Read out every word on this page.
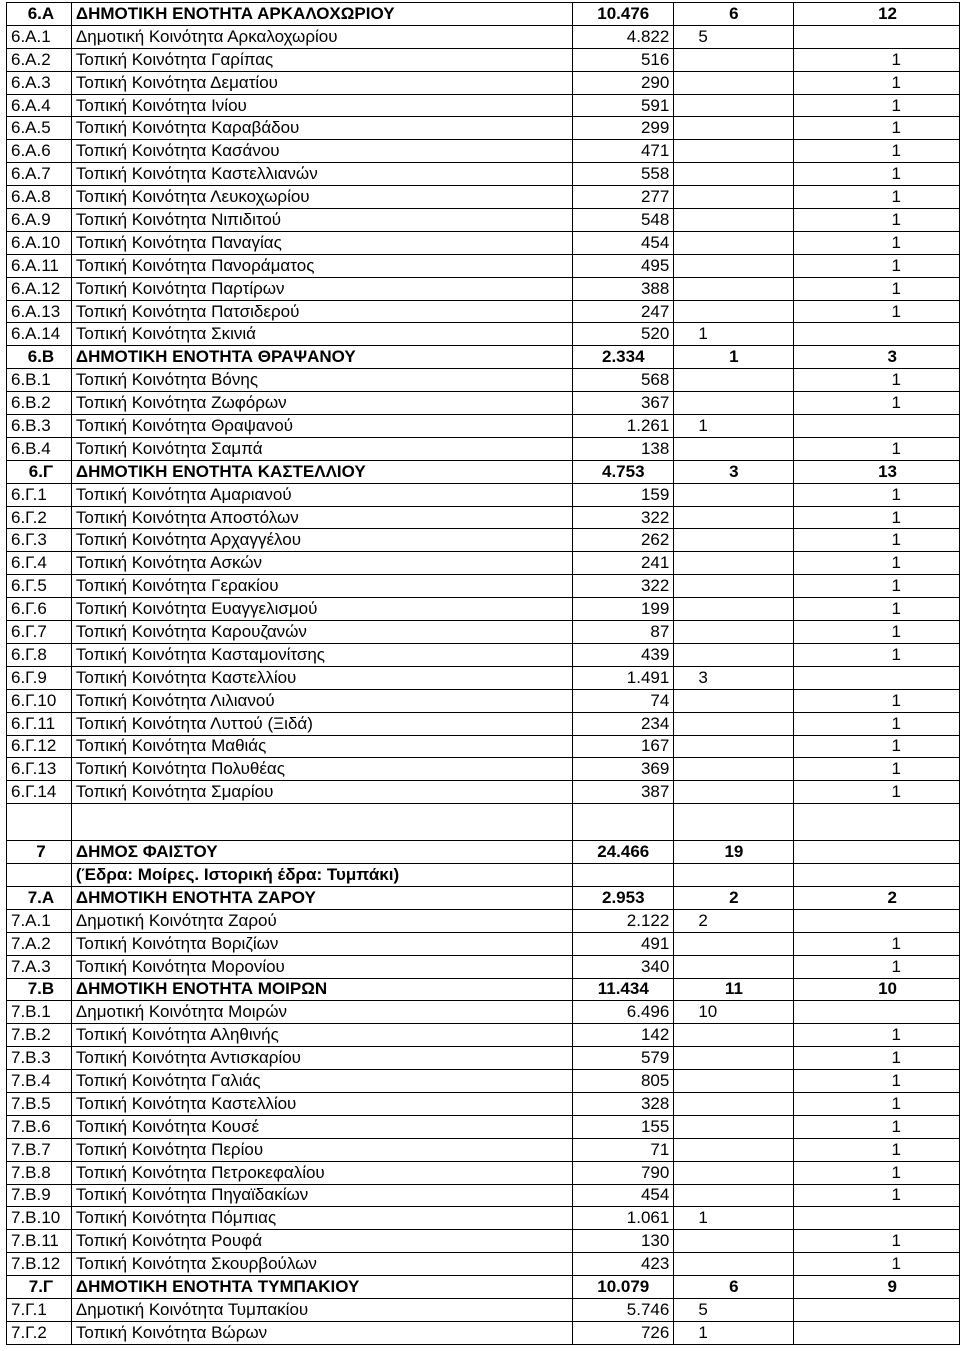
6.Α	ΔΗΜΟΤΙΚΗ ΕΝΟΤΗΤΑ ΑΡΚΑΛΟΧΩΡΙΟΥ	10.476	6	12
6.Α.1	Δημοτική Κοινότητα Αρκαλοχωρίου	4.822	5	
6.Α.2	Τοπική Κοινότητα Γαρίπας	516		1
6.Α.3	Τοπική Κοινότητα Δεματίου	290		1
6.Α.4	Τοπική Κοινότητα Ινίου	591		1
6.Α.5	Τοπική Κοινότητα Καραβάδου	299		1
6.Α.6	Τοπική Κοινότητα Κασάνου	471		1
6.Α.7	Τοπική Κοινότητα Καστελλιανών	558		1
6.Α.8	Τοπική Κοινότητα Λευκοχωρίου	277		1
6.Α.9	Τοπική Κοινότητα Νιπιδιτού	548		1
6.Α.10	Τοπική Κοινότητα Παναγίας	454		1
6.Α.11	Τοπική Κοινότητα Πανοράματος	495		1
6.Α.12	Τοπική Κοινότητα Παρτίρων	388		1
6.Α.13	Τοπική Κοινότητα Πατσιδερού	247		1
6.Α.14	Τοπική Κοινότητα Σκινιά	520	1	
6.Β	ΔΗΜΟΤΙΚΗ ΕΝΟΤΗΤΑ ΘΡΑΨΑΝΟΥ	2.334	1	3
6.Β.1	Τοπική Κοινότητα Βόνης	568		1
6.Β.2	Τοπική Κοινότητα Ζωφόρων	367		1
6.Β.3	Τοπική Κοινότητα Θραψανού	1.261	1	
6.Β.4	Τοπική Κοινότητα Σαμπά	138		1
6.Γ	ΔΗΜΟΤΙΚΗ ΕΝΟΤΗΤΑ ΚΑΣΤΕΛΛΙΟΥ	4.753	3	13
6.Γ.1	Τοπική Κοινότητα Αμαριανού	159		1
6.Γ.2	Τοπική Κοινότητα Αποστόλων	322		1
6.Γ.3	Τοπική Κοινότητα Αρχαγγέλου	262		1
6.Γ.4	Τοπική Κοινότητα Ασκών	241		1
6.Γ.5	Τοπική Κοινότητα Γερακίου	322		1
6.Γ.6	Τοπική Κοινότητα Ευαγγελισμού	199		1
6.Γ.7	Τοπική Κοινότητα Καρουζανών	87		1
6.Γ.8	Τοπική Κοινότητα Κασταμονίτσης	439		1
6.Γ.9	Τοπική Κοινότητα Καστελλίου	1.491	3	
6.Γ.10	Τοπική Κοινότητα Λιλιανού	74		1
6.Γ.11	Τοπική Κοινότητα Λυττού (Ξιδά)	234		1
6.Γ.12	Τοπική Κοινότητα Μαθιάς	167		1
6.Γ.13	Τοπική Κοινότητα Πολυθέας	369		1
6.Γ.14	Τοπική Κοινότητα Σμαρίου	387		1

7	ΔΗΜΟΣ ΦΑΙΣΤΟΥ	24.466	19	
	(Έδρα: Μοίρες. Ιστορική έδρα: Τυμπάκι)			
7.Α	ΔΗΜΟΤΙΚΗ ΕΝΟΤΗΤΑ ΖΑΡΟΥ	2.953	2	2
7.Α.1	Δημοτική Κοινότητα Ζαρού	2.122	2	
7.Α.2	Τοπική Κοινότητα Βοριζίων	491		1
7.Α.3	Τοπική Κοινότητα Μορονίου	340		1
7.Β	ΔΗΜΟΤΙΚΗ ΕΝΟΤΗΤΑ ΜΟΙΡΩΝ	11.434	11	10
7.Β.1	Δημοτική Κοινότητα Μοιρών	6.496	10	
7.Β.2	Τοπική Κοινότητα Αληθινής	142		1
7.Β.3	Τοπική Κοινότητα Αντισκαρίου	579		1
7.Β.4	Τοπική Κοινότητα Γαλιάς	805		1
7.Β.5	Τοπική Κοινότητα Καστελλίου	328		1
7.Β.6	Τοπική Κοινότητα Κουσέ	155		1
7.Β.7	Τοπική Κοινότητα Περίου	71		1
7.Β.8	Τοπική Κοινότητα Πετροκεφαλίου	790		1
7.Β.9	Τοπική Κοινότητα Πηγαϊδακίων	454		1
7.Β.10	Τοπική Κοινότητα Πόμπιας	1.061	1	
7.Β.11	Τοπική Κοινότητα Ρουφά	130		1
7.Β.12	Τοπική Κοινότητα Σκουρβούλων	423		1
7.Γ	ΔΗΜΟΤΙΚΗ ΕΝΟΤΗΤΑ ΤΥΜΠΑΚΙΟΥ	10.079	6	9
7.Γ.1	Δημοτική Κοινότητα Τυμπακίου	5.746	5	
7.Γ.2	Τοπική Κοινότητα Βώρων	726	1	
